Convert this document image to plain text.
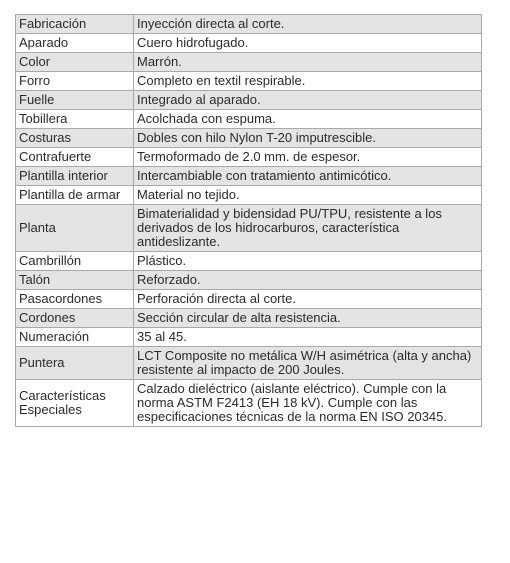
Fabricación	Inyección directa al corte.
Aparado	Cuero hidrofugado.
Color	Marrón.
Forro	Completo en textil respirable.
Fuelle	Integrado al aparado.
Tobillera	Acolchada con espuma.
Costuras	Dobles con hilo Nylon T-20 imputrescible.
Contrafuerte	Termoformado de 2.0 mm. de espesor.
Plantilla interior	Intercambiable con tratamiento antimicótico.
Plantilla de armar	Material no tejido.
Planta	Bimaterialidad y bidensidad PU/TPU, resistente a los derivados de los hidrocarburos, característica antideslizante.
Cambrillón	Plástico.
Talón	Reforzado.
Pasacordones	Perforación directa al corte.
Cordones	Sección circular de alta resistencia.
Numeración	35 al 45.
Puntera	LCT Composite no metálica W/H asimétrica (alta y ancha) resistente al impacto de 200 Joules.
Características Especiales	Calzado dieléctrico (aislante eléctrico). Cumple con la norma ASTM F2413 (EH 18 kV). Cumple con las especificaciones técnicas de la norma EN ISO 20345.
